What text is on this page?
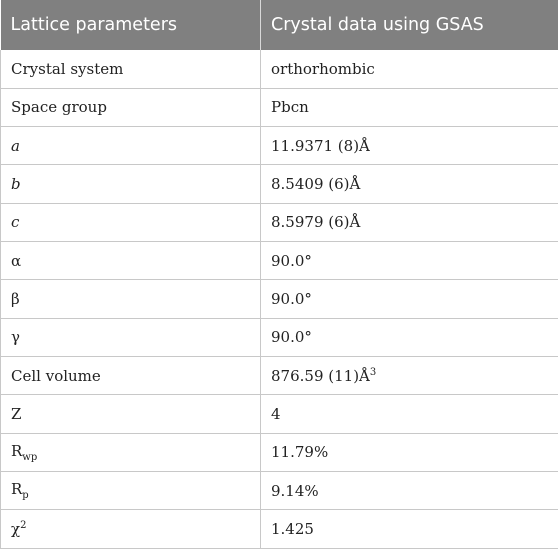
Lattice parameters	Crystal data using GSAS
Crystal system	orthorhombic
Space group	Pbcn
a	11.9371 (8)Å
b	8.5409 (6)Å
c	8.5979 (6)Å
α	90.0°
β	90.0°
γ	90.0°
Cell volume	876.59 $(11)Å^3$
Z	4
$R_{wp}$	11.79%
$R_p$	9.14%
$\chi^2$	1.425
